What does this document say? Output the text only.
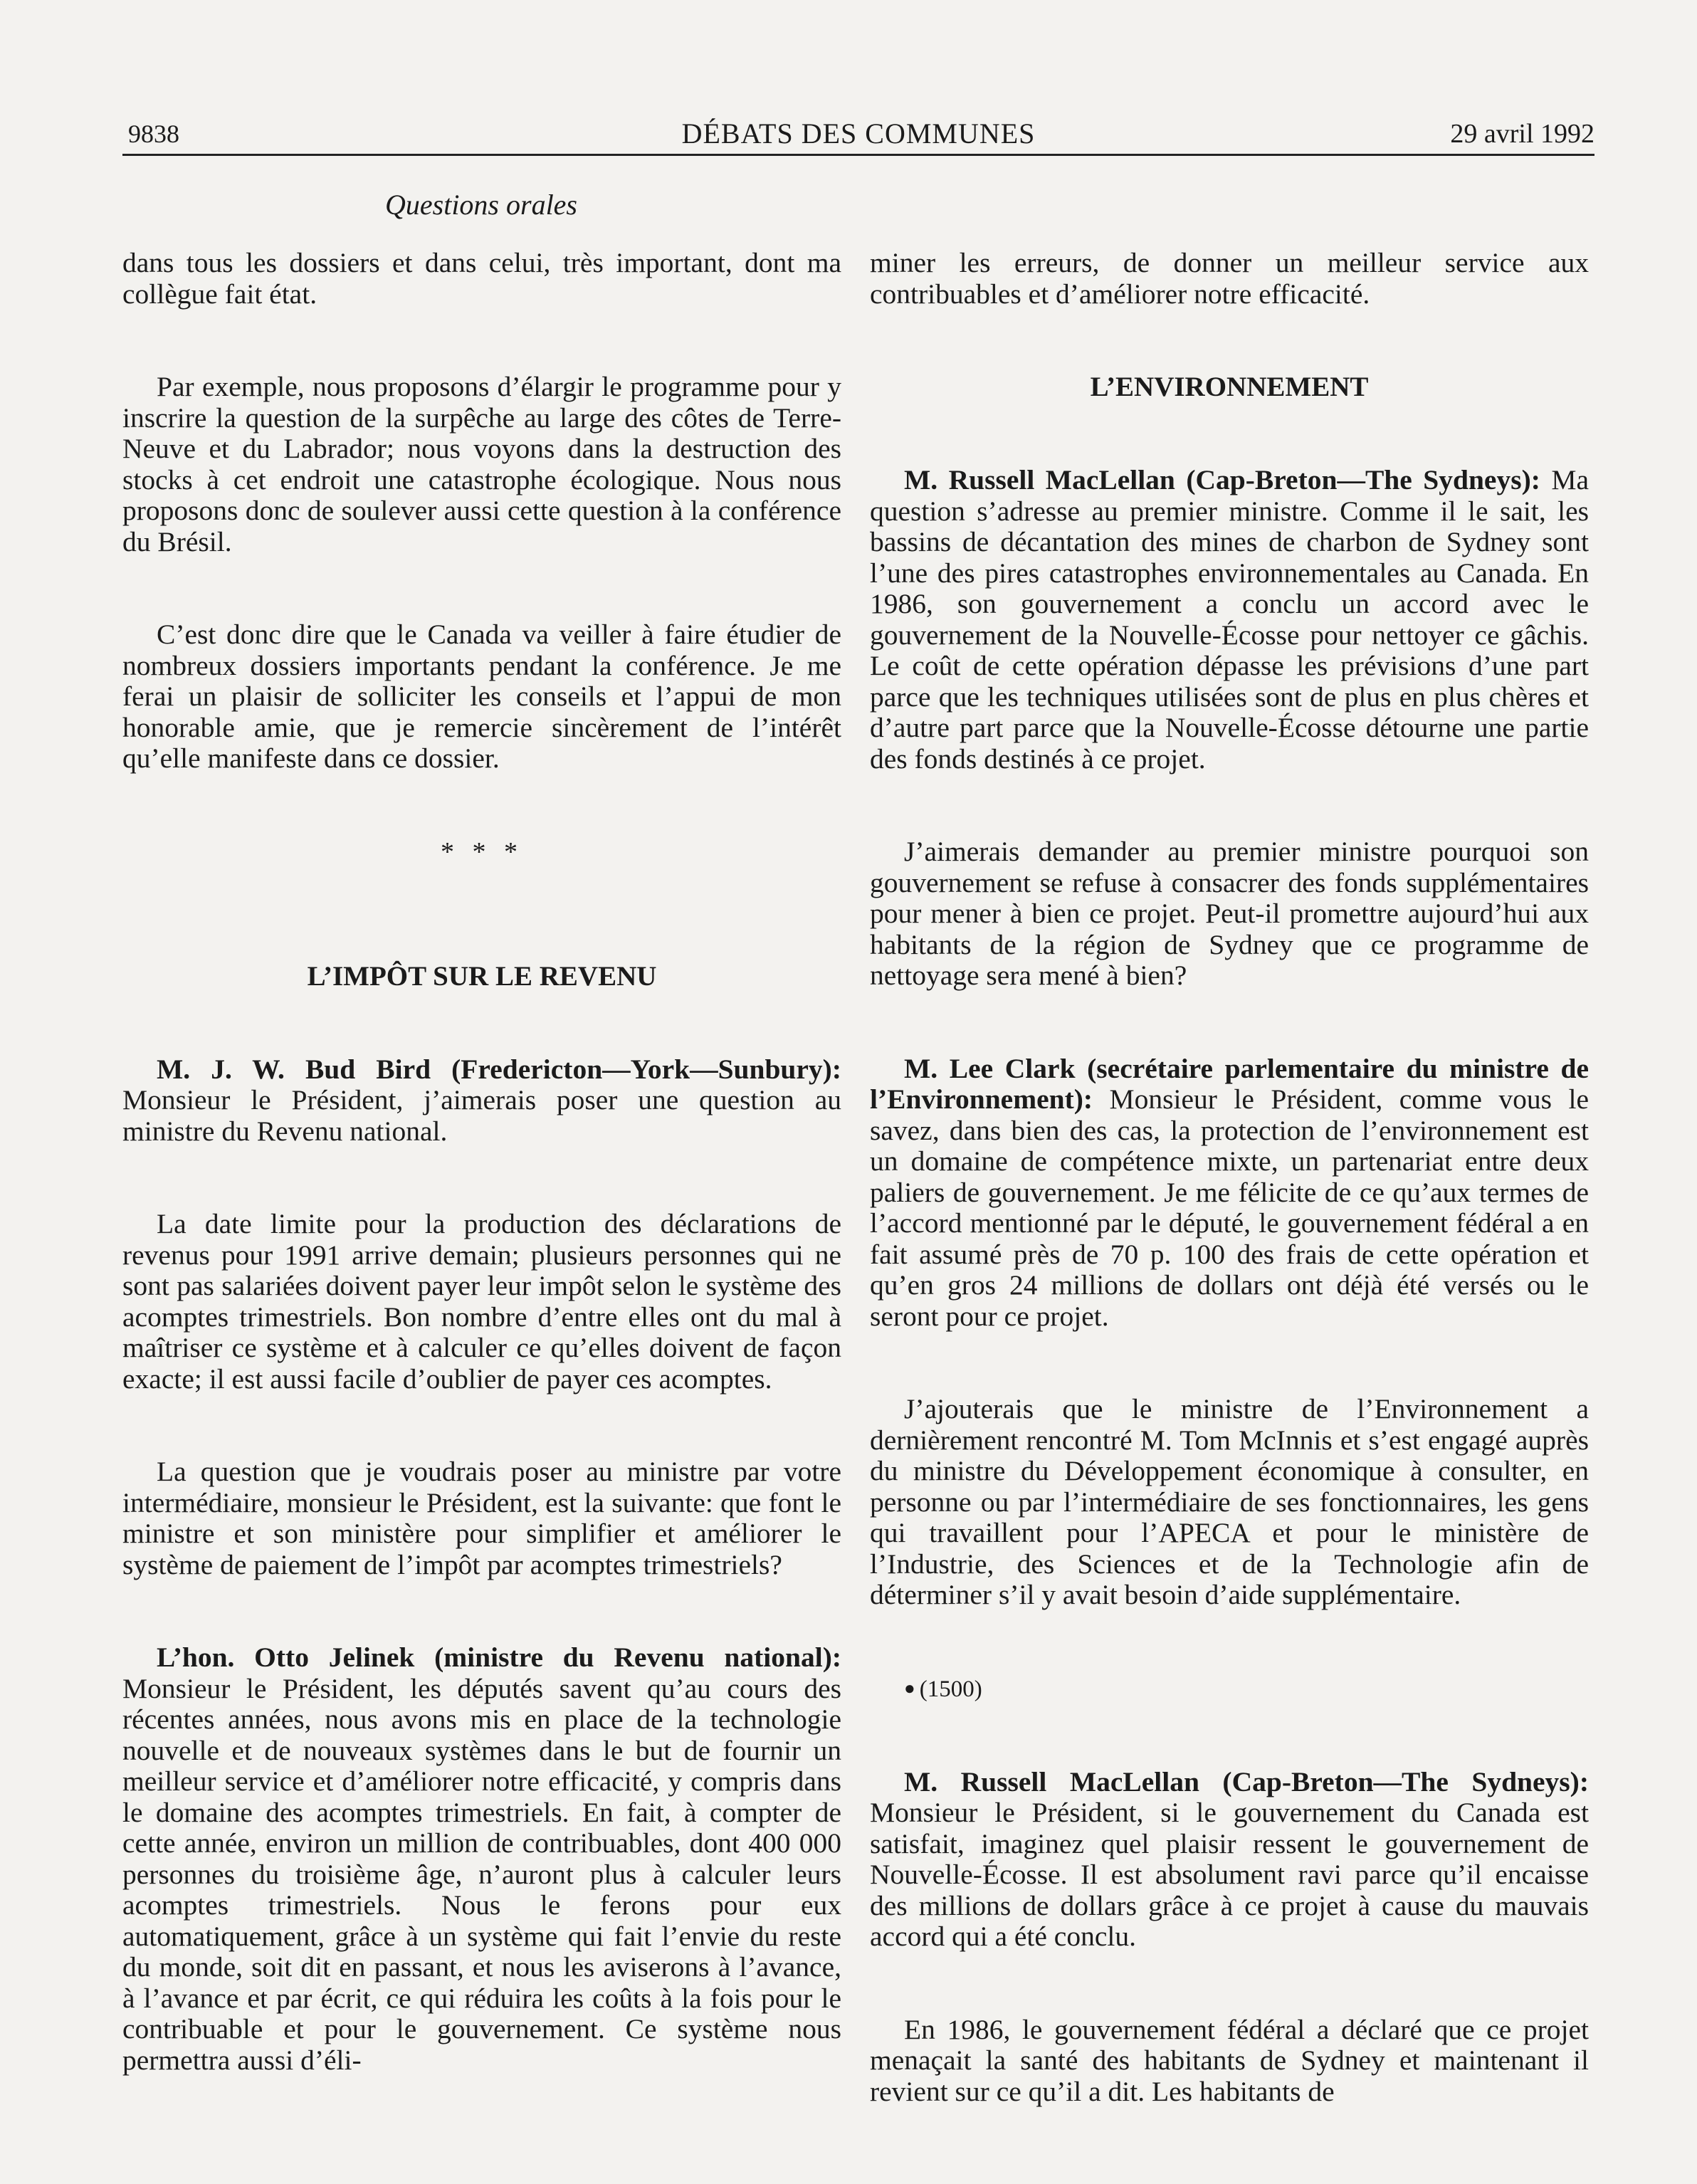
9838	DÉBATS DES COMMUNES	29 avril 1992
Questions orales

dans tous les dossiers et dans celui, très important, dont ma collègue fait état.

Par exemple, nous proposons d’élargir le programme pour y inscrire la question de la surpêche au large des côtes de Terre-Neuve et du Labrador; nous voyons dans la destruction des stocks à cet endroit une catastrophe écologique. Nous nous proposons donc de soulever aussi cette question à la conférence du Brésil.

C’est donc dire que le Canada va veiller à faire étudier de nombreux dossiers importants pendant la conférence. Je me ferai un plaisir de solliciter les conseils et l’appui de mon honorable amie, que je remercie sincèrement de l’intérêt qu’elle manifeste dans ce dossier.

* * *
L’IMPÔT SUR LE REVENU

M. J. W. Bud Bird (Fredericton—York—Sunbury): Monsieur le Président, j’aimerais poser une question au ministre du Revenu national.

La date limite pour la production des déclarations de revenus pour 1991 arrive demain; plusieurs personnes qui ne sont pas salariées doivent payer leur impôt selon le système des acomptes trimestriels. Bon nombre d’entre elles ont du mal à maîtriser ce système et à calculer ce qu’elles doivent de façon exacte; il est aussi facile d’oublier de payer ces acomptes.

La question que je voudrais poser au ministre par votre intermédiaire, monsieur le Président, est la suivante: que font le ministre et son ministère pour simplifier et améliorer le système de paiement de l’impôt par acomptes trimestriels?

L’hon. Otto Jelinek (ministre du Revenu national): Monsieur le Président, les députés savent qu’au cours des récentes années, nous avons mis en place de la technologie nouvelle et de nouveaux systèmes dans le but de fournir un meilleur service et d’améliorer notre efficacité, y compris dans le domaine des acomptes trimestriels. En fait, à compter de cette année, environ un million de contribuables, dont 400 000 personnes du troisième âge, n’auront plus à calculer leurs acomptes trimestriels. Nous le ferons pour eux automatiquement, grâce à un système qui fait l’envie du reste du monde, soit dit en passant, et nous les aviserons à l’avance, à l’avance et par écrit, ce qui réduira les coûts à la fois pour le contribuable et pour le gouvernement. Ce système nous permettra aussi d’éli-

miner les erreurs, de donner un meilleur service aux contribuables et d’améliorer notre efficacité.

L’ENVIRONNEMENT

M. Russell MacLellan (Cap-Breton—The Sydneys): Ma question s’adresse au premier ministre. Comme il le sait, les bassins de décantation des mines de charbon de Sydney sont l’une des pires catastrophes environnementales au Canada. En 1986, son gouvernement a conclu un accord avec le gouvernement de la Nouvelle-Écosse pour nettoyer ce gâchis. Le coût de cette opération dépasse les prévisions d’une part parce que les techniques utilisées sont de plus en plus chères et d’autre part parce que la Nouvelle-Écosse détourne une partie des fonds destinés à ce projet.

J’aimerais demander au premier ministre pourquoi son gouvernement se refuse à consacrer des fonds supplémentaires pour mener à bien ce projet. Peut-il promettre aujourd’hui aux habitants de la région de Sydney que ce programme de nettoyage sera mené à bien?

M. Lee Clark (secrétaire parlementaire du ministre de l’Environnement): Monsieur le Président, comme vous le savez, dans bien des cas, la protection de l’environnement est un domaine de compétence mixte, un partenariat entre deux paliers de gouvernement. Je me félicite de ce qu’aux termes de l’accord mentionné par le député, le gouvernement fédéral a en fait assumé près de 70 p. 100 des frais de cette opération et qu’en gros 24 millions de dollars ont déjà été versés ou le seront pour ce projet.

J’ajouterais que le ministre de l’Environnement a dernièrement rencontré M. Tom McInnis et s’est engagé auprès du ministre du Développement économique à consulter, en personne ou par l’intermédiaire de ses fonctionnaires, les gens qui travaillent pour l’APECA et pour le ministère de l’Industrie, des Sciences et de la Technologie afin de déterminer s’il y avait besoin d’aide supplémentaire.

● (1500)

M. Russell MacLellan (Cap-Breton—The Sydneys): Monsieur le Président, si le gouvernement du Canada est satisfait, imaginez quel plaisir ressent le gouvernement de Nouvelle-Écosse. Il est absolument ravi parce qu’il encaisse des millions de dollars grâce à ce projet à cause du mauvais accord qui a été conclu.

En 1986, le gouvernement fédéral a déclaré que ce projet menaçait la santé des habitants de Sydney et maintenant il revient sur ce qu’il a dit. Les habitants de
